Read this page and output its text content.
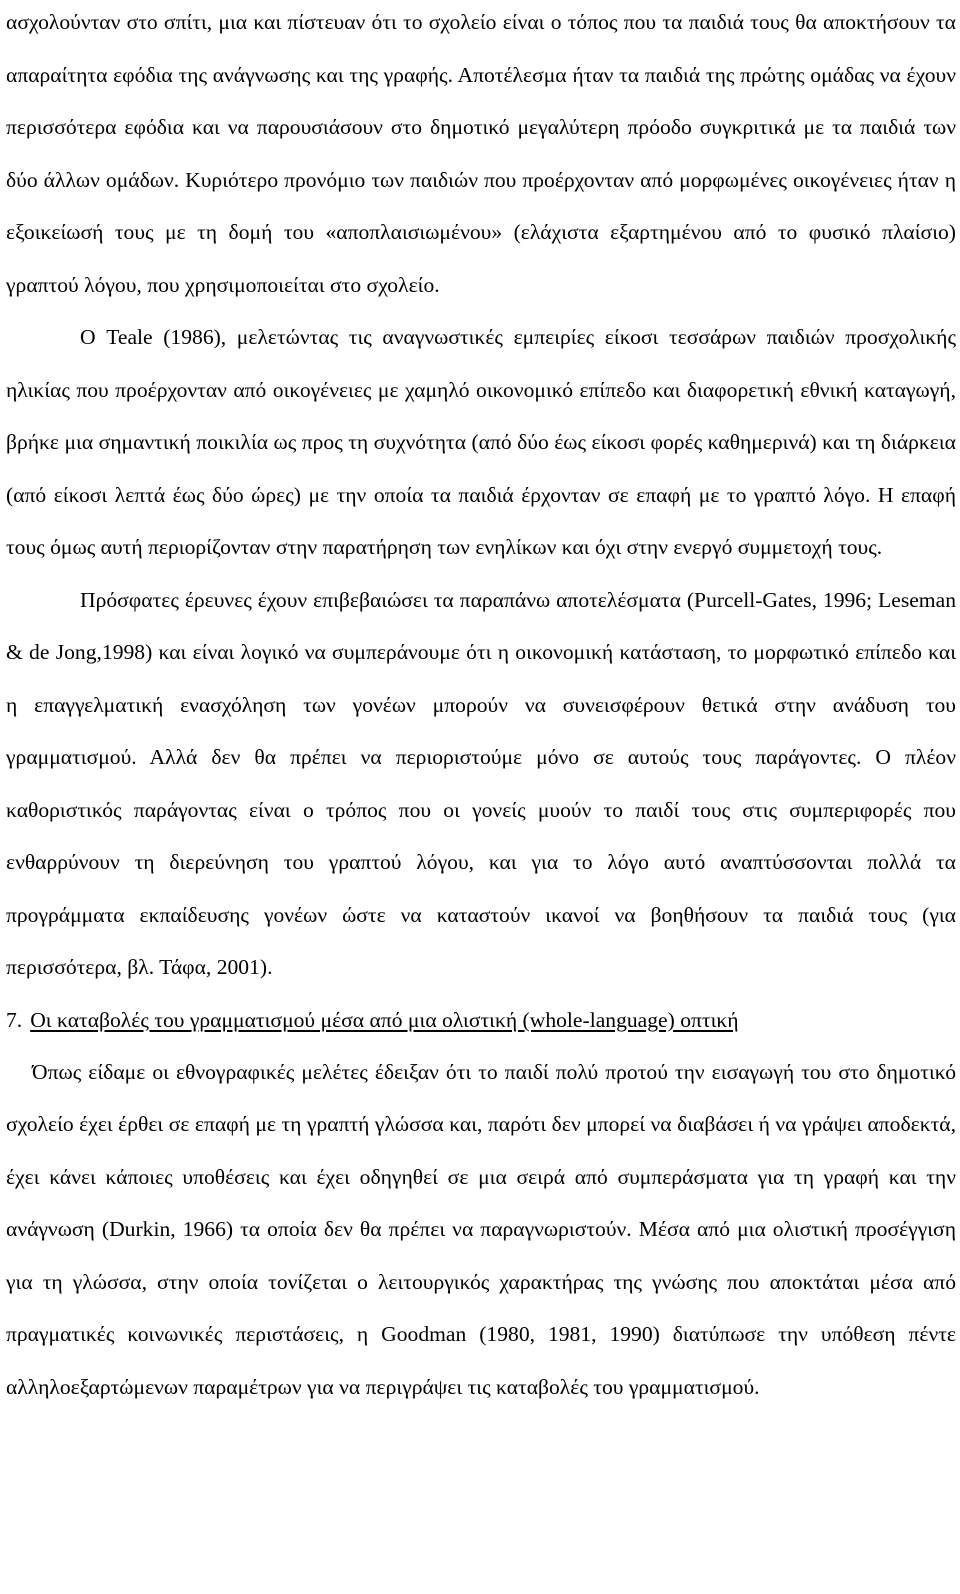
ασχολούνταν στο σπίτι, μια και πίστευαν ότι το σχολείο είναι ο τόπος που τα παιδιά τους θα αποκτήσουν τα απαραίτητα εφόδια της ανάγνωσης και της γραφής. Αποτέλεσμα ήταν τα παιδιά της πρώτης ομάδας να έχουν περισσότερα εφόδια και να παρουσιάσουν στο δημοτικό μεγαλύτερη πρόοδο συγκριτικά με τα παιδιά των δύο άλλων ομάδων. Κυριότερο προνόμιο των παιδιών που προέρχονταν από μορφωμένες οικογένειες ήταν η εξοικείωσή τους με τη δομή του «αποπλαισιωμένου» (ελάχιστα εξαρτημένου από το φυσικό πλαίσιο) γραπτού λόγου, που χρησιμοποιείται στο σχολείο.

Ο Teale (1986), μελετώντας τις αναγνωστικές εμπειρίες είκοσι τεσσάρων παιδιών προσχολικής ηλικίας που προέρχονταν από οικογένειες με χαμηλό οικονομικό επίπεδο και διαφορετική εθνική καταγωγή, βρήκε μια σημαντική ποικιλία ως προς τη συχνότητα (από δύο έως είκοσι φορές καθημερινά) και τη διάρκεια (από είκοσι λεπτά έως δύο ώρες) με την οποία τα παιδιά έρχονταν σε επαφή με το γραπτό λόγο. Η επαφή τους όμως αυτή περιορίζονταν στην παρατήρηση των ενηλίκων και όχι στην ενεργό συμμετοχή τους.

Πρόσφατες έρευνες έχουν επιβεβαιώσει τα παραπάνω αποτελέσματα (Purcell-Gates, 1996; Leseman & de Jong,1998) και είναι λογικό να συμπεράνουμε ότι η οικονομική κατάσταση, το μορφωτικό επίπεδο και η επαγγελματική ενασχόληση των γονέων μπορούν να συνεισφέρουν θετικά στην ανάδυση του γραμματισμού. Αλλά δεν θα πρέπει να περιοριστούμε μόνο σε αυτούς τους παράγοντες. Ο πλέον καθοριστικός παράγοντας είναι ο τρόπος που οι γονείς μυούν το παιδί τους στις συμπεριφορές που ενθαρρύνουν τη διερεύνηση του γραπτού λόγου, και για το λόγο αυτό αναπτύσσονται πολλά τα προγράμματα εκπαίδευσης γονέων ώστε να καταστούν ικανοί να βοηθήσουν τα παιδιά τους (για περισσότερα, βλ. Τάφα, 2001).

7. Οι καταβολές του γραμματισμού μέσα από μια ολιστική (whole-language) οπτική

Όπως είδαμε οι εθνογραφικές μελέτες έδειξαν ότι το παιδί πολύ προτού την εισαγωγή του στο δημοτικό σχολείο έχει έρθει σε επαφή με τη γραπτή γλώσσα και, παρότι δεν μπορεί να διαβάσει ή να γράψει αποδεκτά, έχει κάνει κάποιες υποθέσεις και έχει οδηγηθεί σε μια σειρά από συμπεράσματα για τη γραφή και την ανάγνωση (Durkin, 1966) τα οποία δεν θα πρέπει να παραγνωριστούν. Μέσα από μια ολιστική προσέγγιση για τη γλώσσα, στην οποία τονίζεται ο λειτουργικός χαρακτήρας της γνώσης που αποκτάται μέσα από πραγματικές κοινωνικές περιστάσεις, η Goodman (1980, 1981, 1990) διατύπωσε την υπόθεση πέντε αλληλοεξαρτώμενων παραμέτρων για να περιγράψει τις καταβολές του γραμματισμού.
